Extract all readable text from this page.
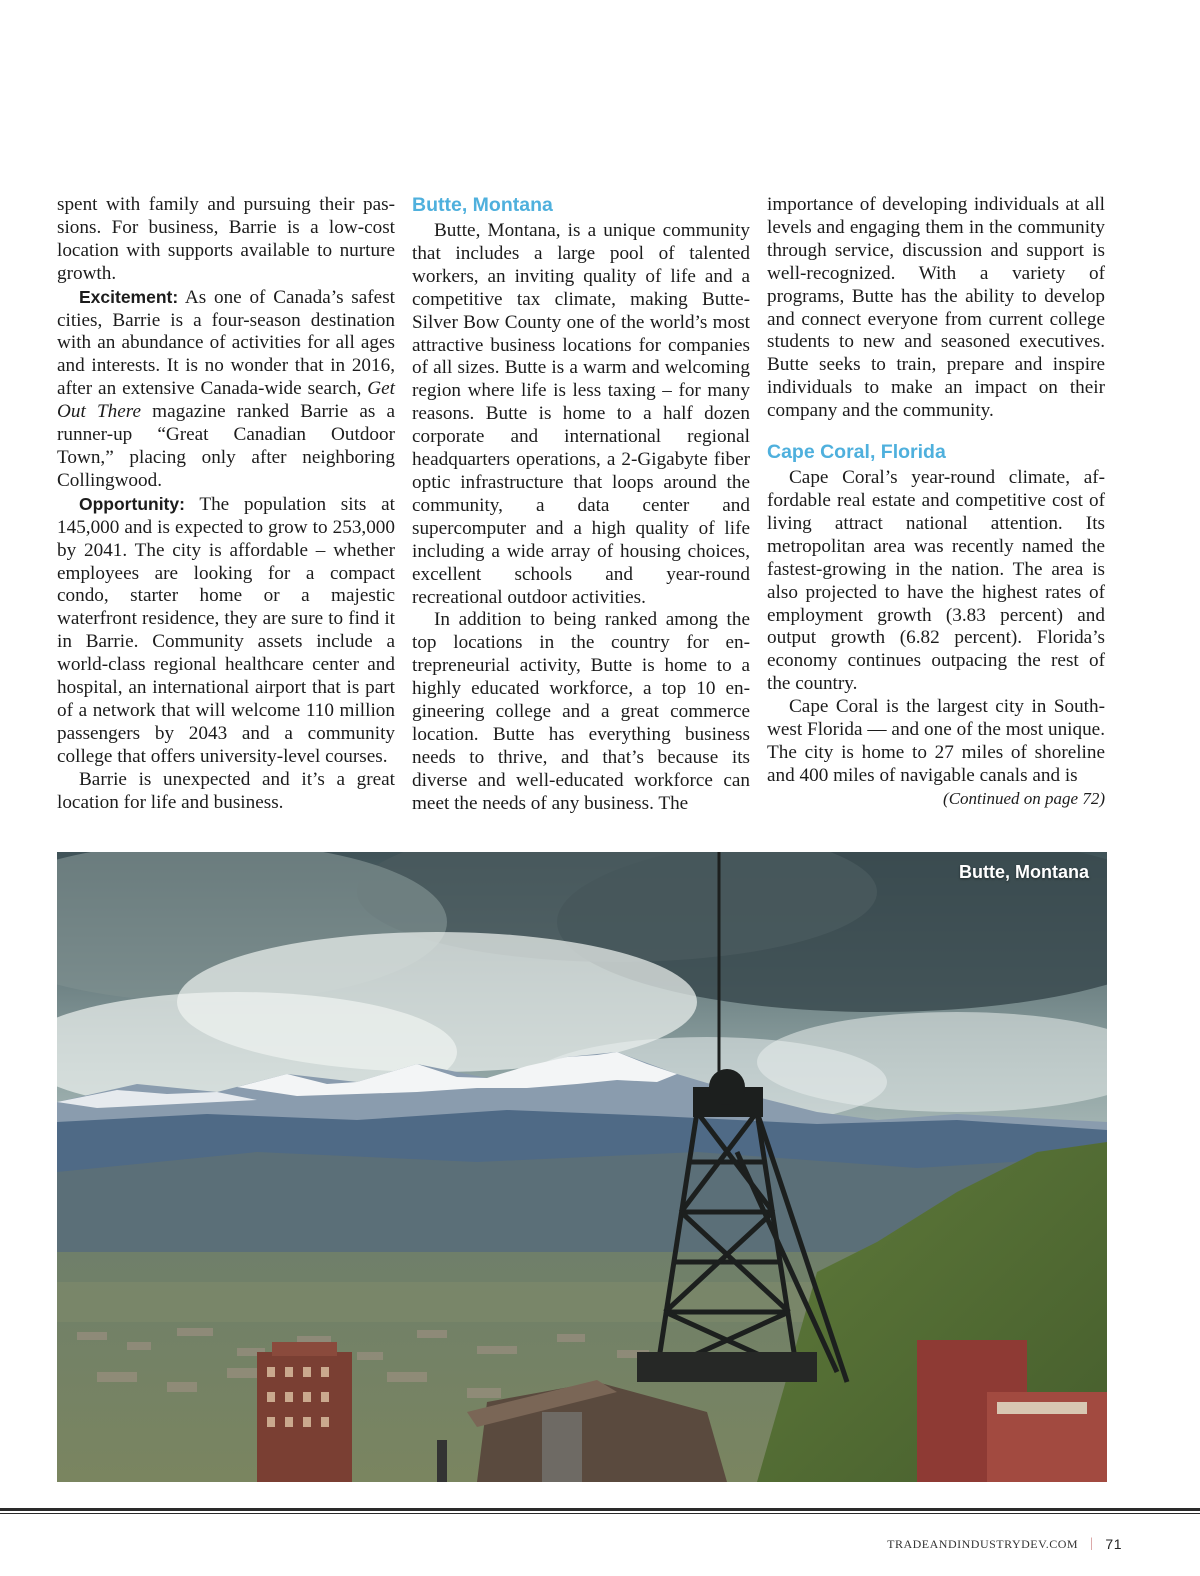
spent with family and pursuing their passions. For business, Barrie is a low-cost location with supports available to nurture growth.

Excitement: As one of Canada’s safest cities, Barrie is a four-season destination with an abundance of activities for all ages and interests. It is no wonder that in 2016, after an extensive Canada-wide search, Get Out There magazine ranked Barrie as a runner-up “Great Canadian Outdoor Town,” placing only after neighboring Collingwood.

Opportunity: The population sits at 145,000 and is expected to grow to 253,000 by 2041. The city is affordable – whether employees are looking for a compact condo, starter home or a majestic waterfront residence, they are sure to find it in Barrie. Community assets include a world-class regional healthcare center and hospital, an international airport that is part of a network that will welcome 110 million passengers by 2043 and a community college that offers university-level courses.

Barrie is unexpected and it’s a great location for life and business.

Butte, Montana

Butte, Montana, is a unique community that includes a large pool of talented workers, an inviting quality of life and a competitive tax climate, making Butte-Silver Bow County one of the world’s most attractive business locations for companies of all sizes. Butte is a warm and welcoming region where life is less taxing – for many reasons. Butte is home to a half dozen corporate and international regional headquarters operations, a 2-Gigabyte fiber optic infrastructure that loops around the community, a data center and supercomputer and a high quality of life including a wide array of housing choices, excellent schools and year-round recreational outdoor activities.

In addition to being ranked among the top locations in the country for entrepreneurial activity, Butte is home to a highly educated workforce, a top 10 engineering college and a great commerce location. Butte has everything business needs to thrive, and that’s because its diverse and well-educated workforce can meet the needs of any business. The

importance of developing individuals at all levels and engaging them in the community through service, discussion and support is well-recognized. With a variety of programs, Butte has the ability to develop and connect everyone from current college students to new and seasoned executives. Butte seeks to train, prepare and inspire individuals to make an impact on their company and the community.

Cape Coral, Florida

Cape Coral’s year-round climate, affordable real estate and competitive cost of living attract national attention. Its metropolitan area was recently named the fastest-growing in the nation. The area is also projected to have the highest rates of employment growth (3.83 percent) and output growth (6.82 percent). Florida’s economy continues outpacing the rest of the country.

Cape Coral is the largest city in Southwest Florida — and one of the most unique. The city is home to 27 miles of shoreline and 400 miles of navigable canals and is
(Continued on page 72)

Butte, Montana
TRADEANDINDUSTRYDEV.COM | 71
